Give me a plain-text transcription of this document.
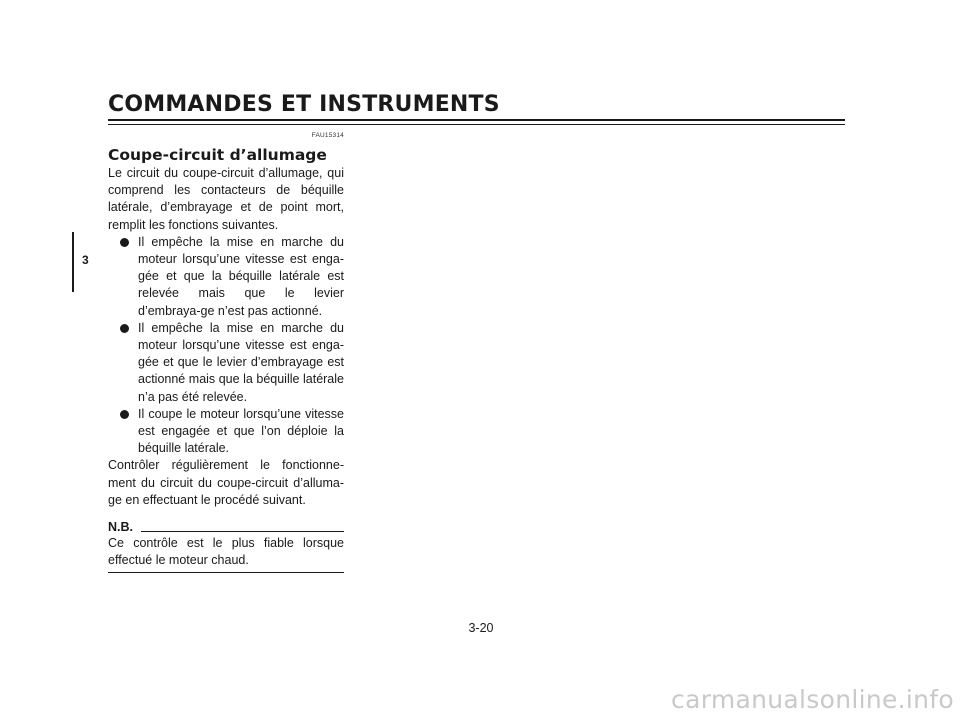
COMMANDES ET INSTRUMENTS
3
FAU15314
Coupe-circuit d’allumage

Le circuit du coupe-circuit d’allumage, qui comprend les contacteurs de béquille latérale, d’embrayage et de point mort, remplit les fonctions suivantes.

Il empêche la mise en marche du moteur lorsqu’une vitesse est enga-gée et que la béquille latérale est relevée mais que le levier d’embraya-ge n’est pas actionné.
Il empêche la mise en marche du moteur lorsqu’une vitesse est enga-gée et que le levier d’embrayage est actionné mais que la béquille latérale n’a pas été relevée.
Il coupe le moteur lorsqu’une vitesse est engagée et que l’on déploie la béquille latérale.

Contrôler régulièrement le fonctionne-ment du circuit du coupe-circuit d’alluma-ge en effectuant le procédé suivant.

N.B.
Ce contrôle est le plus fiable lorsque effectué le moteur chaud.
3-20
carmanualsonline.info
